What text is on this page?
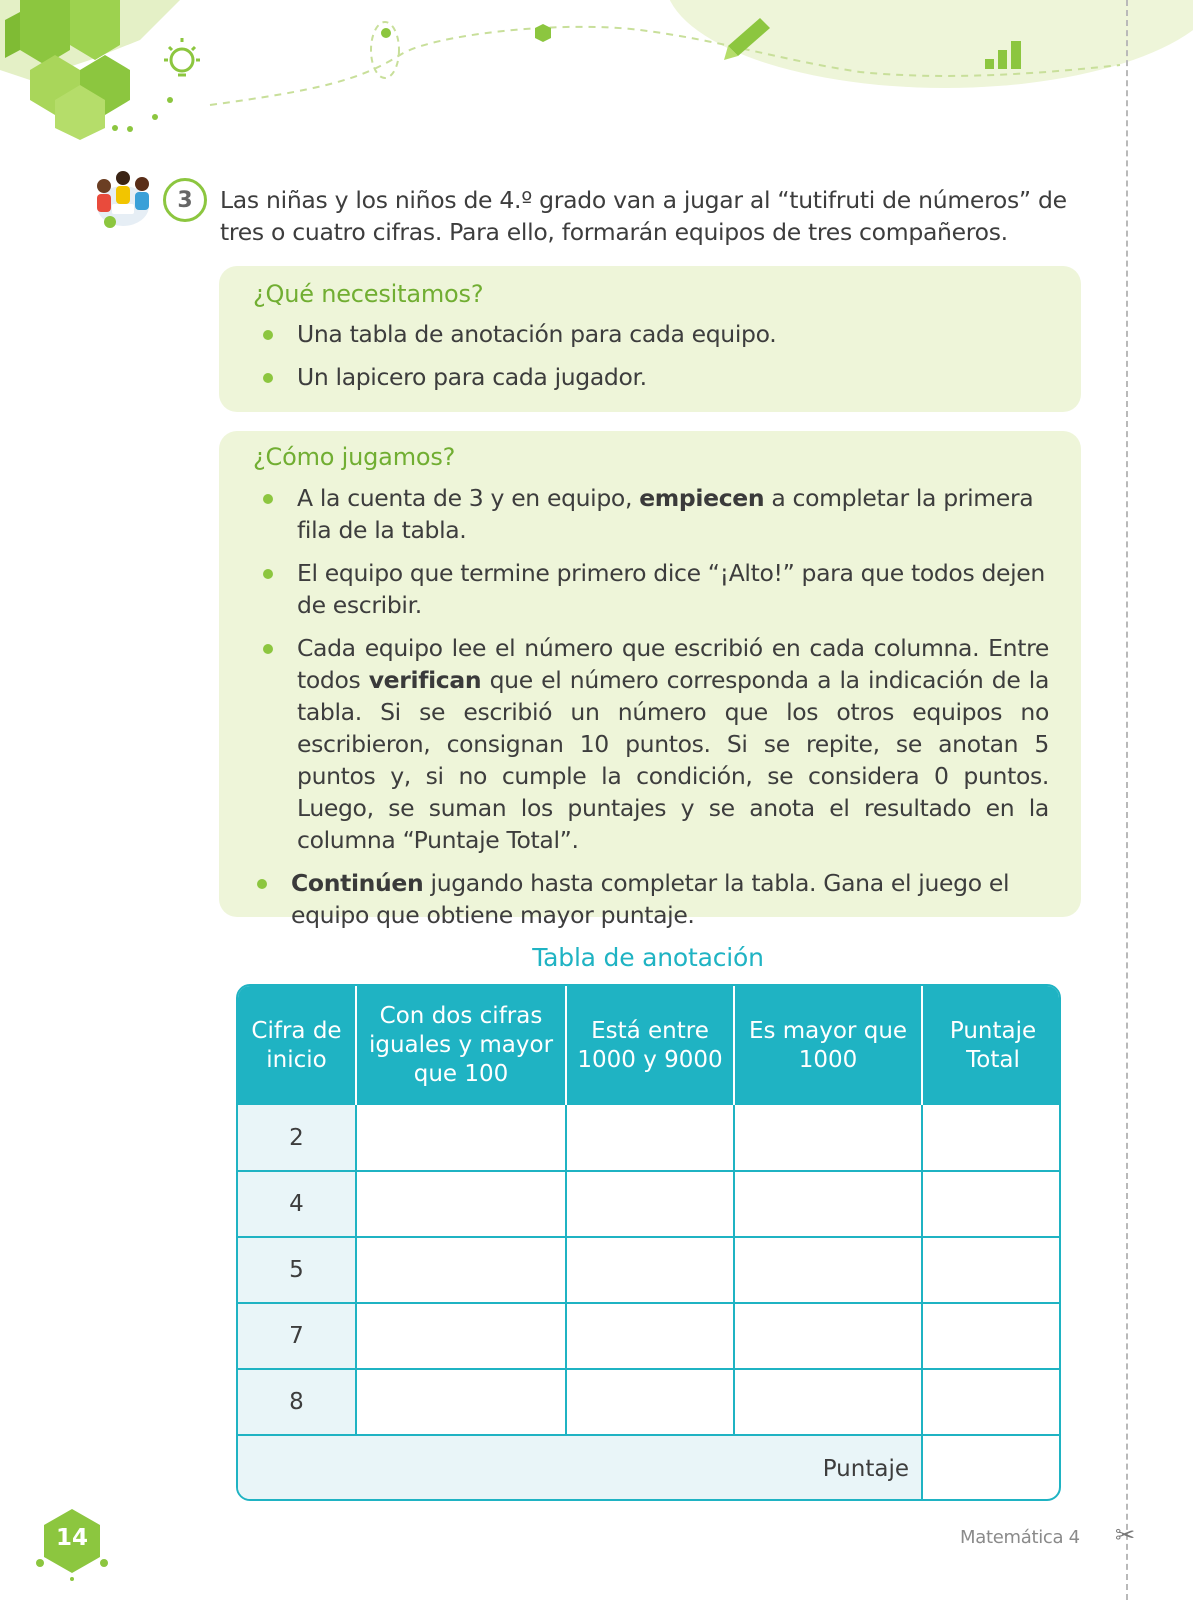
3	Las niñas y los niños de 4.º grado van a jugar al “tutifruti de números” de tres o cuatro cifras. Para ello, formarán equipos de tres compañeros.

¿Qué necesitamos?
Una tabla de anotación para cada equipo.
Un lapicero para cada jugador.
¿Cómo jugamos?
A la cuenta de 3 y en equipo, empiecen a completar la primera fila de la tabla.
El equipo que termine primero dice “¡Alto!” para que todos dejen de escribir.
Cada equipo lee el número que escribió en cada columna. Entre todos verifican que el número corresponda a la indicación de la tabla. Si se escribió un número que los otros equipos no escribieron, consignan 10 puntos. Si se repite, se anotan 5 puntos y, si no cumple la condición, se considera 0 puntos. Luego, se suman los puntajes y se anota el resultado en la columna “Puntaje Total”.
Continúen jugando hasta completar la tabla. Gana el juego el equipo que obtiene mayor puntaje.
Tabla de anotación
Cifra de inicio	Con dos cifras iguales y mayor que 100	Está entre 1000 y 9000	Es mayor que 1000	Puntaje Total
2				
4				
5				
7				
8				
Puntaje				
14	Matemática 4 ✂
